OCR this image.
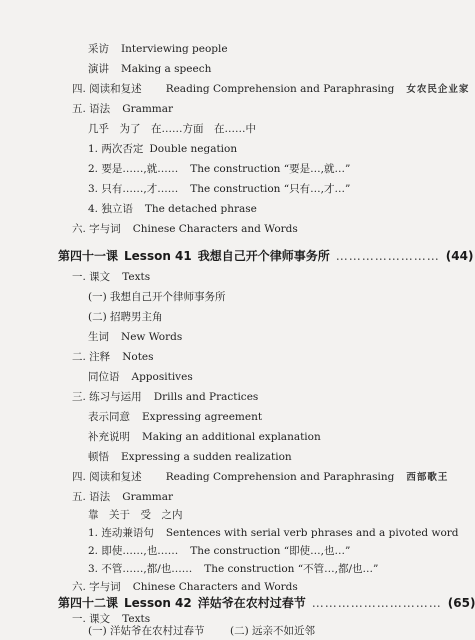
采访 Interviewing people
演讲 Making a speech
四. 阅读和复述 Reading Comprehension and Paraphrasing 女农民企业家
五. 语法 Grammar
几乎　为了　在……方面　在……中
1. 两次否定 Double negation
2. 要是……,就…… The construction “要是…,就…”
3. 只有……,才…… The construction “只有…,才…”
4. 独立语 The detached phrase
六. 字与词 Chinese Characters and Words
第四十一课 Lesson 41 我想自己开个律师事务所 …………………… (44)
一. 课文 Texts
(一) 我想自己开个律师事务所
(二) 招聘男主角
生词 New Words
二. 注释 Notes
同位语 Appositives
三. 练习与运用 Drills and Practices
表示同意 Expressing agreement
补充说明 Making an additional explanation
顿悟 Expressing a sudden realization
四. 阅读和复述 Reading Comprehension and Paraphrasing 西部歌王
五. 语法 Grammar
靠　关于　受　之内
1. 连动兼语句 Sentences with serial verb phrases and a pivoted word
2. 即使……,也…… The construction “即使…,也…”
3. 不管……,都/也…… The construction “不管…,都/也…”
六. 字与词 Chinese Characters and Words
第四十二课 Lesson 42 洋姑爷在农村过春节 ………………………… (65)
一. 课文 Texts
(一) 洋姑爷在农村过春节 (二) 远亲不如近邻
